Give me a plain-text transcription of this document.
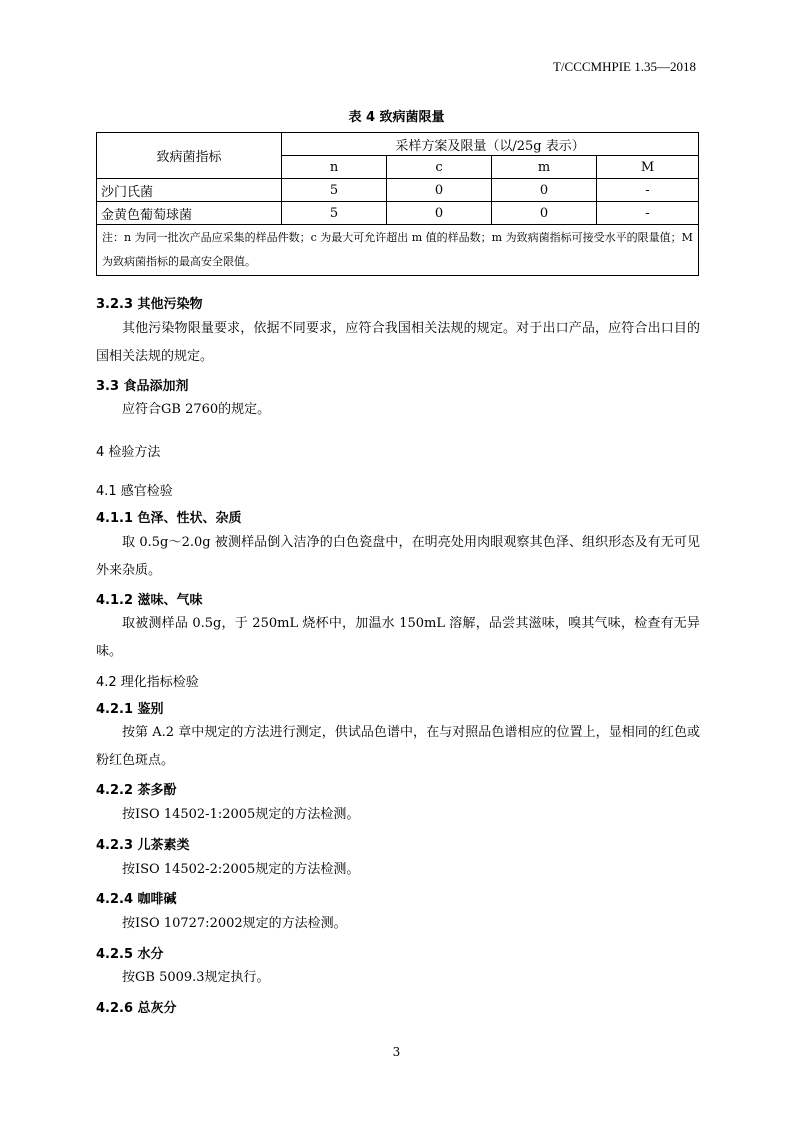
T/CCCMHPIE 1.35—2018
表 4 致病菌限量
致病菌指标	采样方案及限量（以/25g 表示）			
	n	c	m	M
沙门氏菌	5	0	0	-
金黄色葡萄球菌	5	0	0	-
注：n 为同一批次产品应采集的样品件数；c 为最大可允许超出 m 值的样品数；m 为致病菌指标可接受水平的限量值；M 为致病菌指标的最高安全限值。				
3.2.3 其他污染物
其他污染物限量要求，依据不同要求，应符合我国相关法规的规定。对于出口产品，应符合出口目的国相关法规的规定。
3.3 食品添加剂
应符合GB 2760的规定。
4 检验方法
4.1 感官检验
4.1.1 色泽、性状、杂质
取 0.5g～2.0g 被测样品倒入洁净的白色瓷盘中，在明亮处用肉眼观察其色泽、组织形态及有无可见外来杂质。
4.1.2 滋味、气味
取被测样品 0.5g，于 250mL 烧杯中，加温水 150mL 溶解，品尝其滋味，嗅其气味，检查有无异味。
4.2 理化指标检验
4.2.1 鉴别
按第 A.2 章中规定的方法进行测定，供试品色谱中，在与对照品色谱相应的位置上，显相同的红色或粉红色斑点。
4.2.2 茶多酚
按ISO 14502-1:2005规定的方法检测。
4.2.3 儿茶素类
按ISO 14502-2:2005规定的方法检测。
4.2.4 咖啡碱
按ISO 10727:2002规定的方法检测。
4.2.5 水分
按GB 5009.3规定执行。
4.2.6 总灰分
3
